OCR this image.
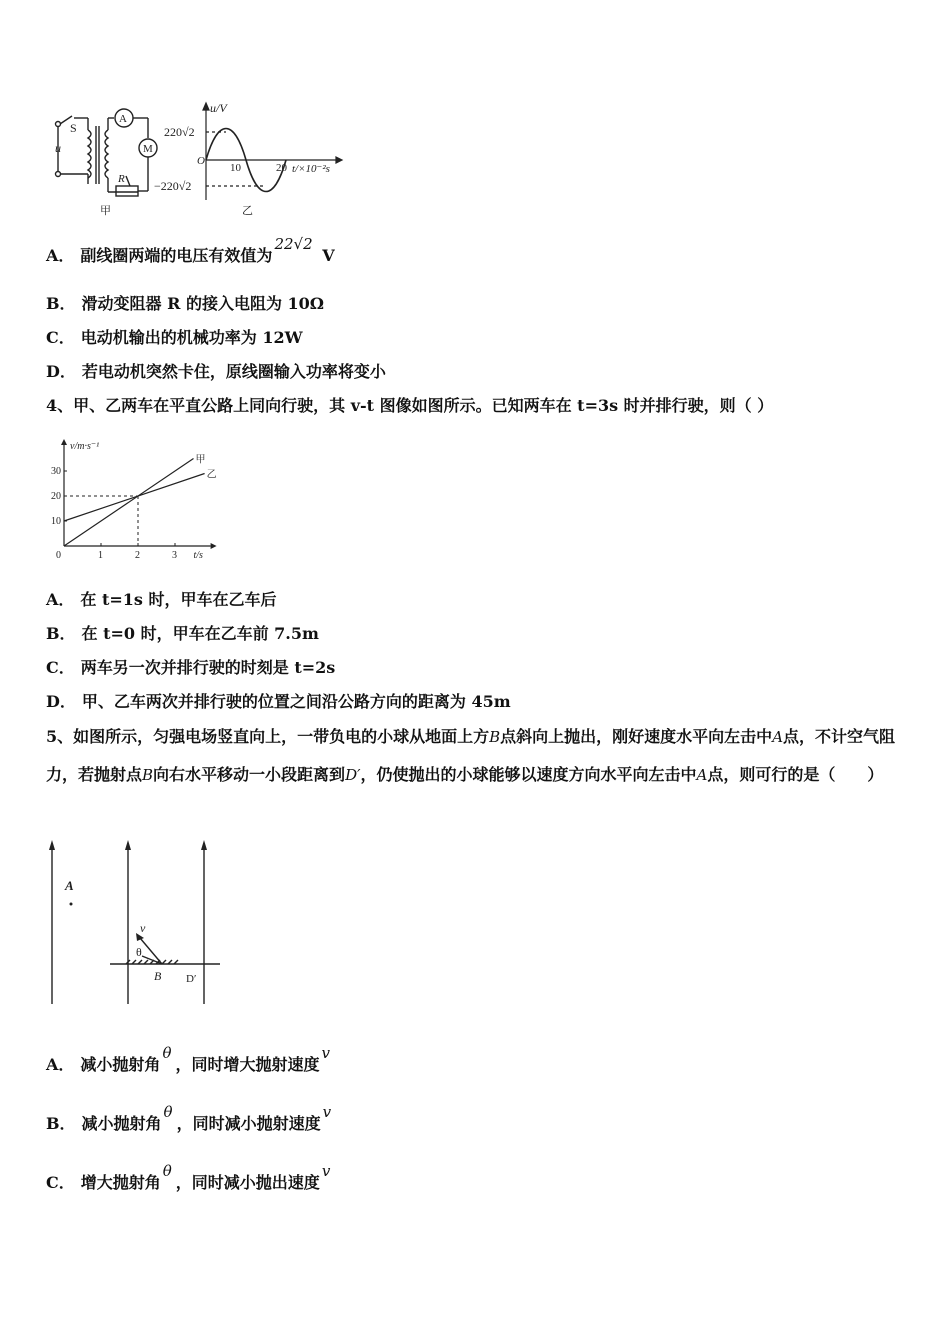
S
u
A
M
R
甲
220√2
−220√2
u/V
O
10	20 t/×10⁻²s
乙
A． 副线圈两端的电压有效值为22√2 V
B． 滑动变阻器 R 的接入电阻为 10Ω
C． 电动机输出的机械功率为 12W
D． 若电动机突然卡住，原线圈输入功率将变小
4、甲、乙两车在平直公路上同向行驶，其 v-t 图像如图所示。已知两车在 t=3s 时并排行驶，则（ ）
0	1	2	3
10
20
30
甲
乙
t/s
v/m·s⁻¹
A． 在 t=1s 时，甲车在乙车后
B． 在 t=0 时，甲车在乙车前 7.5m
C． 两车另一次并排行驶的时刻是 t=2s
D． 甲、乙车两次并排行驶的位置之间沿公路方向的距离为 45m
5、如图所示，匀强电场竖直向上，一带负电的小球从地面上方B点斜向上抛出，刚好速度水平向左击中A点，不计空气阻力，若抛射点B向右水平移动一小段距离到D′，仍使抛出的小球能够以速度方向水平向左击中A点，则可行的是（　　）
A
v
θ
B D′
A． 减小抛射角θ，同时增大抛射速度v
B． 减小抛射角θ，同时减小抛射速度v
C． 增大抛射角θ，同时减小抛出速度v
